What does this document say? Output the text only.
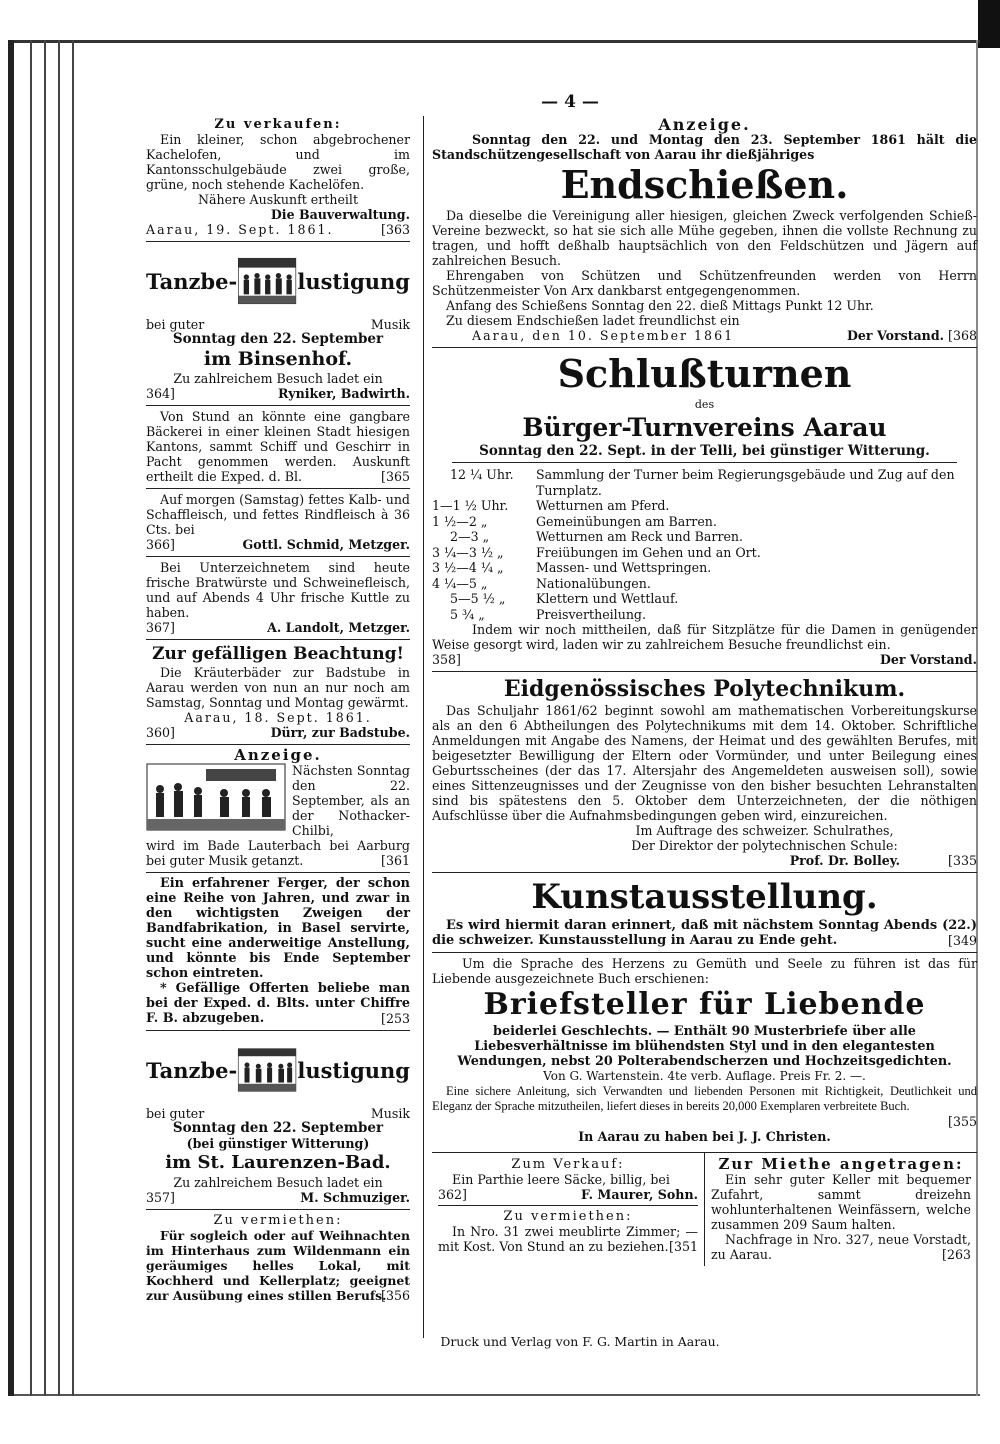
— 4 —
Zu verkaufen:
Ein kleiner, schon abgebrochener Kachelofen, und im Kantonsschulgebäude zwei große, grüne, noch stehende Kachelöfen.
Nähere Auskunft ertheilt
Die Bauverwaltung.
Aarau, 19. Sept. 1861.	[363
Tanzbe-	lustigung
bei guter	Musik
Sonntag den 22. September
im Binsenhof.
Zu zahlreichem Besuch ladet ein
364]	Ryniker, Badwirth.
Von Stund an könnte eine gangbare Bäckerei in einer kleinen Stadt hiesigen Kantons, sammt Schiff und Geschirr in Pacht genommen werden. Auskunft ertheilt die Exped. d. Bl.	[365
Auf morgen (Samstag) fettes Kalb- und Schaffleisch, und fettes Rindfleisch à 36 Cts. bei
366]	Gottl. Schmid, Metzger.
Bei Unterzeichnetem sind heute frische Bratwürste und Schweinefleisch, und auf Abends 4 Uhr frische Kuttle zu haben.
367]	A. Landolt, Metzger.
Zur gefälligen Beachtung!
Die Kräuterbäder zur Badstube in Aarau werden von nun an nur noch am Samstag, Sonntag und Montag gewärmt.
Aarau, 18. Sept. 1861.
360]	Dürr, zur Badstube.
Anzeige.
Nächsten Sonntag den 22. September, als an der Nothacker-Chilbi,
wird im Bade Lauterbach bei Aarburg bei guter Musik getanzt.	[361
Ein erfahrener Ferger, der schon eine Reihe von Jahren, und zwar in den wichtigsten Zweigen der Bandfabrikation, in Basel servirte, sucht eine anderweitige Anstellung, und könnte bis Ende September schon eintreten.
* Gefällige Offerten beliebe man bei der Exped. d. Blts. unter Chiffre F. B. abzugeben.	[253
Tanzbe-	lustigung
bei guter	Musik
Sonntag den 22. September
(bei günstiger Witterung)
im St. Laurenzen-Bad.
Zu zahlreichem Besuch ladet ein
357]	M. Schmuziger.
Zu vermiethen:
Für sogleich oder auf Weihnachten im Hinterhaus zum Wildenmann ein geräumiges helles Lokal, mit Kochherd und Kellerplatz; geeignet zur Ausübung eines stillen Berufs.
[356
Anzeige.
Sonntag den 22. und Montag den 23. September 1861 hält die Standschützengesellschaft von Aarau ihr dießjähriges
Endschießen.
Da dieselbe die Vereinigung aller hiesigen, gleichen Zweck verfolgenden Schieß-Vereine bezweckt, so hat sie sich alle Mühe gegeben, ihnen die vollste Rechnung zu tragen, und hofft deßhalb hauptsächlich von den Feldschützen und Jägern auf zahlreichen Besuch.
Ehrengaben von Schützen und Schützenfreunden werden von Herrn Schützenmeister Von Arx dankbarst entgegengenommen.
Anfang des Schießens Sonntag den 22. dieß Mittags Punkt 12 Uhr.
Zu diesem Endschießen ladet freundlichst ein
Aarau, den 10. September 1861	Der Vorstand. [368
Schlußturnen
des
Bürger-Turnvereins Aarau
Sonntag den 22. Sept. in der Telli, bei günstiger Witterung.
12 ¼ Uhr.	Sammlung der Turner beim Regierungsgebäude und Zug auf den Turnplatz.
1—1 ½ Uhr.	Wetturnen am Pferd.
1 ½—2 „	Gemeinübungen am Barren.
2—3 „	Wetturnen am Reck und Barren.
3 ¼—3 ½ „	Freiübungen im Gehen und an Ort.
3 ½—4 ¼ „	Massen- und Wettspringen.
4 ¼—5 „	Nationalübungen.
5—5 ½ „	Klettern und Wettlauf.
5 ¾ „	Preisvertheilung.
Indem wir noch mittheilen, daß für Sitzplätze für die Damen in genügender Weise gesorgt wird, laden wir zu zahlreichem Besuche freundlichst ein.
358]	Der Vorstand.
Eidgenössisches Polytechnikum.
Das Schuljahr 1861/62 beginnt sowohl am mathematischen Vorbereitungskurse als an den 6 Abtheilungen des Polytechnikums mit dem 14. Oktober. Schriftliche Anmeldungen mit Angabe des Namens, der Heimat und des gewählten Berufes, mit beigesetzter Bewilligung der Eltern oder Vormünder, und unter Beilegung eines Geburtsscheines (der das 17. Altersjahr des Angemeldeten ausweisen soll), sowie eines Sittenzeugnisses und der Zeugnisse von den bisher besuchten Lehranstalten sind bis spätestens den 5. Oktober dem Unterzeichneten, der die nöthigen Aufschlüsse über die Aufnahmsbedingungen geben wird, einzureichen.
Im Auftrage des schweizer. Schulrathes,
Der Direktor der polytechnischen Schule:
Prof. Dr. Bolley.	[335
Kunstausstellung.
Es wird hiermit daran erinnert, daß mit nächstem Sonntag Abends (22.) die schweizer. Kunstausstellung in Aarau zu Ende geht.	[349
Um die Sprache des Herzens zu Gemüth und Seele zu führen ist das für Liebende ausgezeichnete Buch erschienen:
Briefsteller für Liebende
beiderlei Geschlechts. — Enthält 90 Musterbriefe über alle Liebesverhältnisse im blühendsten Styl und in den elegantesten Wendungen, nebst 20 Polterabendscherzen und Hochzeitsgedichten.
Von G. Wartenstein. 4te verb. Auflage. Preis Fr. 2. —.
Eine sichere Anleitung, sich Verwandten und liebenden Personen mit Richtigkeit, Deutlichkeit und Eleganz der Sprache mitzutheilen, liefert dieses in bereits 20,000 Exemplaren verbreitete Buch.
[355
In Aarau zu haben bei J. J. Christen.
Zum Verkauf:
Ein Parthie leere Säcke, billig, bei
362]	F. Maurer, Sohn.
Zu vermiethen:
In Nro. 31 zwei meublirte Zimmer; — mit Kost. Von Stund an zu beziehen. [351
Zur Miethe angetragen:
Ein sehr guter Keller mit bequemer Zufahrt, sammt dreizehn wohlunterhaltenen Weinfässern, welche zusammen 209 Saum halten.
Nachfrage in Nro. 327, neue Vorstadt, zu Aarau.	[263
Druck und Verlag von F. G. Martin in Aarau.
